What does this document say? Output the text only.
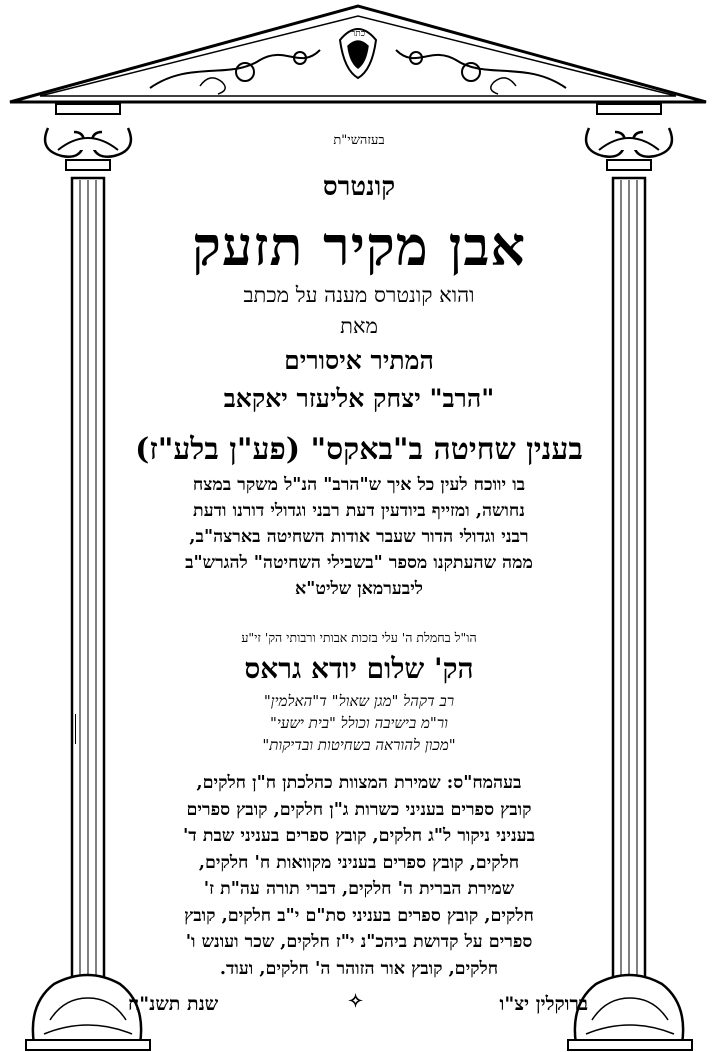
כתר
בעזהשי"ת
קונטרס
אבן מקיר תזעק
והוא קונטרס מענה על מכתב
מאת
המתיר איסורים
"הרב" יצחק אליעזר יאקאב
בענין שחיטה ב"באקס" (פע"ן בלע"ז)
בו יווכח לעין כל איך ש"הרב" הנ"ל משקר במצח
נחושה, ומזייף ביודעין דעת רבני וגדולי דורנו ודעת
רבני וגדולי הדור שעבר אודות השחיטה בארצה"ב,
ממה שהעתקנו מספר "בשבילי השחיטה" להגרש"ב
ליבערמאן שליט"א
הו"ל בחמלת ה' עלי בזכות אבותי ורבותי הק' זי"ע
הק' שלום יודא גראס
רב דקהל "מגן שאול" ד"האלמין"
ור"מ בישיבה וכולל "בית ישעי"
"מכון להוראה בשחיטות ובדיקות"
בעהמח"ס: שמירת המצוות כהלכתן ח"ן חלקים,
קובץ ספרים בעניני כשרות ג"ן חלקים, קובץ ספרים
בעניני ניקור ל"ג חלקים, קובץ ספרים בעניני שבת ד'
חלקים, קובץ ספרים בעניני מקוואות ח' חלקים,
שמירת הברית ה' חלקים, דברי תורה עה"ת ז'
חלקים, קובץ ספרים בעניני סת"ם י"ב חלקים, קובץ
ספרים על קדושת ביהכ"נ י"ז חלקים, שכר ועונש ו'
חלקים, קובץ אור הזוהר ה' חלקים, ועוד.
ברוקלין יצ"ו
✧
שנת תשנ"ח
